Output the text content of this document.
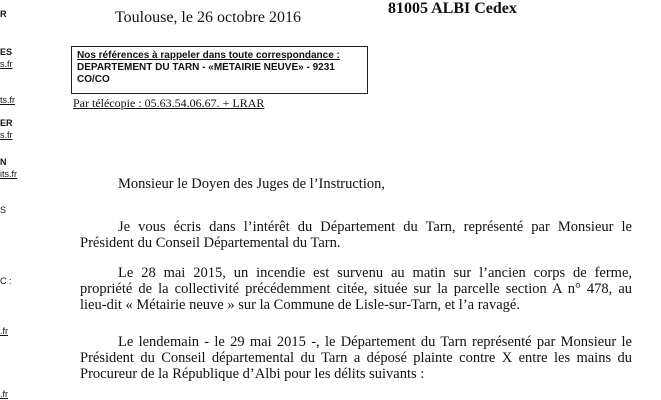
R
ES
s.fr
ts.fr
ER
s.fr
N
its.fr
S
C :
.fr
.fr
81005 ALBI Cedex
Toulouse, le 26 octobre 2016
Nos références à rappeler dans toute correspondance :
DEPARTEMENT DU TARN - «METAIRIE NEUVE» - 9231
CO/CO
Par télécopie : 05.63.54.06.67. + LRAR
Monsieur le Doyen des Juges de l’Instruction,
Je vous écris dans l’intérêt du Département du Tarn, représenté par Monsieur le
Président du Conseil Départemental du Tarn.
Le 28 mai 2015, un incendie est survenu au matin sur l’ancien corps de ferme,
propriété de la collectivité précédemment citée, située sur la parcelle section A n° 478, au
lieu-dit « Métairie neuve » sur la Commune de Lisle-sur-Tarn, et l’a ravagé.
Le lendemain - le 29 mai 2015 -, le Département du Tarn représenté par Monsieur le
Président du Conseil départemental du Tarn a déposé plainte contre X entre les mains du
Procureur de la République d’Albi pour les délits suivants :
